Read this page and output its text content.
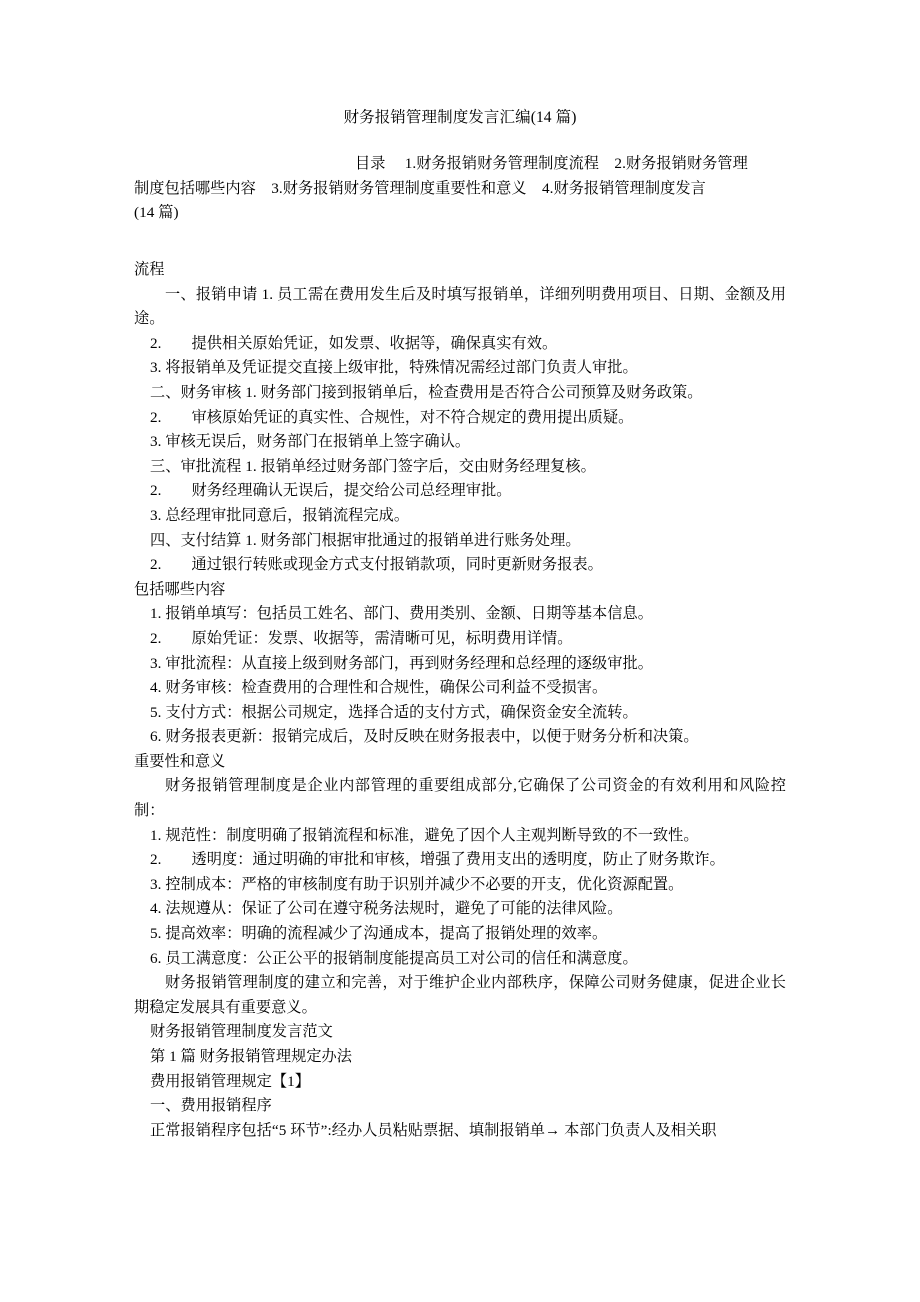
财务报销管理制度发言汇编(14 篇)

目录     1.财务报销财务管理制度流程    2.财务报销财务管理

制度包括哪些内容    3.财务报销财务管理制度重要性和意义    4.财务报销管理制度发言

(14 篇)

流程

一、报销申请 1. 员工需在费用发生后及时填写报销单，详细列明费用项目、日期、金额及用途。

2. 提供相关原始凭证，如发票、收据等，确保真实有效。

3. 将报销单及凭证提交直接上级审批，特殊情况需经过部门负责人审批。

二、财务审核 1. 财务部门接到报销单后，检查费用是否符合公司预算及财务政策。

2. 审核原始凭证的真实性、合规性，对不符合规定的费用提出质疑。

3. 审核无误后，财务部门在报销单上签字确认。

三、审批流程 1. 报销单经过财务部门签字后，交由财务经理复核。

2. 财务经理确认无误后，提交给公司总经理审批。

3. 总经理审批同意后，报销流程完成。

四、支付结算 1. 财务部门根据审批通过的报销单进行账务处理。

2. 通过银行转账或现金方式支付报销款项，同时更新财务报表。

包括哪些内容

1. 报销单填写：包括员工姓名、部门、费用类别、金额、日期等基本信息。

2. 原始凭证：发票、收据等，需清晰可见，标明费用详情。

3. 审批流程：从直接上级到财务部门，再到财务经理和总经理的逐级审批。

4. 财务审核：检查费用的合理性和合规性，确保公司利益不受损害。

5. 支付方式：根据公司规定，选择合适的支付方式，确保资金安全流转。

6. 财务报表更新：报销完成后，及时反映在财务报表中，以便于财务分析和决策。

重要性和意义

财务报销管理制度是企业内部管理的重要组成部分,它确保了公司资金的有效利用和风险控制：

1. 规范性：制度明确了报销流程和标准，避免了因个人主观判断导致的不一致性。

2. 透明度：通过明确的审批和审核，增强了费用支出的透明度，防止了财务欺诈。

3. 控制成本：严格的审核制度有助于识别并减少不必要的开支，优化资源配置。

4. 法规遵从：保证了公司在遵守税务法规时，避免了可能的法律风险。

5. 提高效率：明确的流程减少了沟通成本，提高了报销处理的效率。

6. 员工满意度：公正公平的报销制度能提高员工对公司的信任和满意度。

财务报销管理制度的建立和完善，对于维护企业内部秩序，保障公司财务健康，促进企业长期稳定发展具有重要意义。

财务报销管理制度发言范文

第 1 篇 财务报销管理规定办法

费用报销管理规定【1】

一、费用报销程序

正常报销程序包括“5 环节”:经办人员粘贴票据、填制报销单→ 本部门负责人及相关职
